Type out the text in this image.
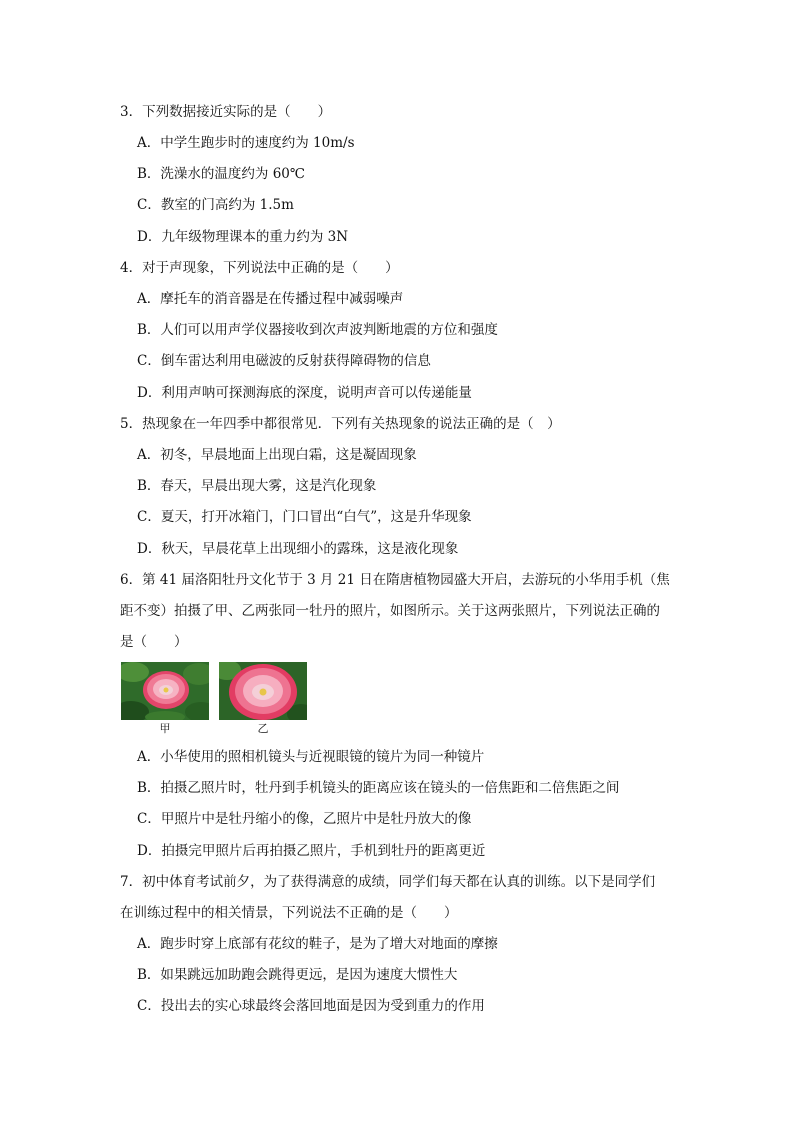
3．下列数据接近实际的是（　　）
A．中学生跑步时的速度约为 10m/s
B．洗澡水的温度约为 60℃
C．教室的门高约为 1.5m
D．九年级物理课本的重力约为 3N
4．对于声现象，下列说法中正确的是（　　）
A．摩托车的消音器是在传播过程中减弱噪声
B．人们可以用声学仪器接收到次声波判断地震的方位和强度
C．倒车雷达利用电磁波的反射获得障碍物的信息
D．利用声呐可探测海底的深度，说明声音可以传递能量
5．热现象在一年四季中都很常见．下列有关热现象的说法正确的是（　）
A．初冬，早晨地面上出现白霜，这是凝固现象
B．春天，早晨出现大雾，这是汽化现象
C．夏天，打开冰箱门，门口冒出“白气”，这是升华现象
D．秋天，早晨花草上出现细小的露珠，这是液化现象
6．第 41 届洛阳牡丹文化节于 3 月 21 日在隋唐植物园盛大开启，去游玩的小华用手机（焦
距不变）拍摄了甲、乙两张同一牡丹的照片，如图所示。关于这两张照片，下列说法正确的
是（　　）
甲	乙
A．小华使用的照相机镜头与近视眼镜的镜片为同一种镜片
B．拍摄乙照片时，牡丹到手机镜头的距离应该在镜头的一倍焦距和二倍焦距之间
C．甲照片中是牡丹缩小的像，乙照片中是牡丹放大的像
D．拍摄完甲照片后再拍摄乙照片，手机到牡丹的距离更近
7．初中体育考试前夕，为了获得满意的成绩，同学们每天都在认真的训练。以下是同学们
在训练过程中的相关情景，下列说法不正确的是（　　）
A．跑步时穿上底部有花纹的鞋子，是为了增大对地面的摩擦
B．如果跳远加助跑会跳得更远，是因为速度大惯性大
C．投出去的实心球最终会落回地面是因为受到重力的作用
